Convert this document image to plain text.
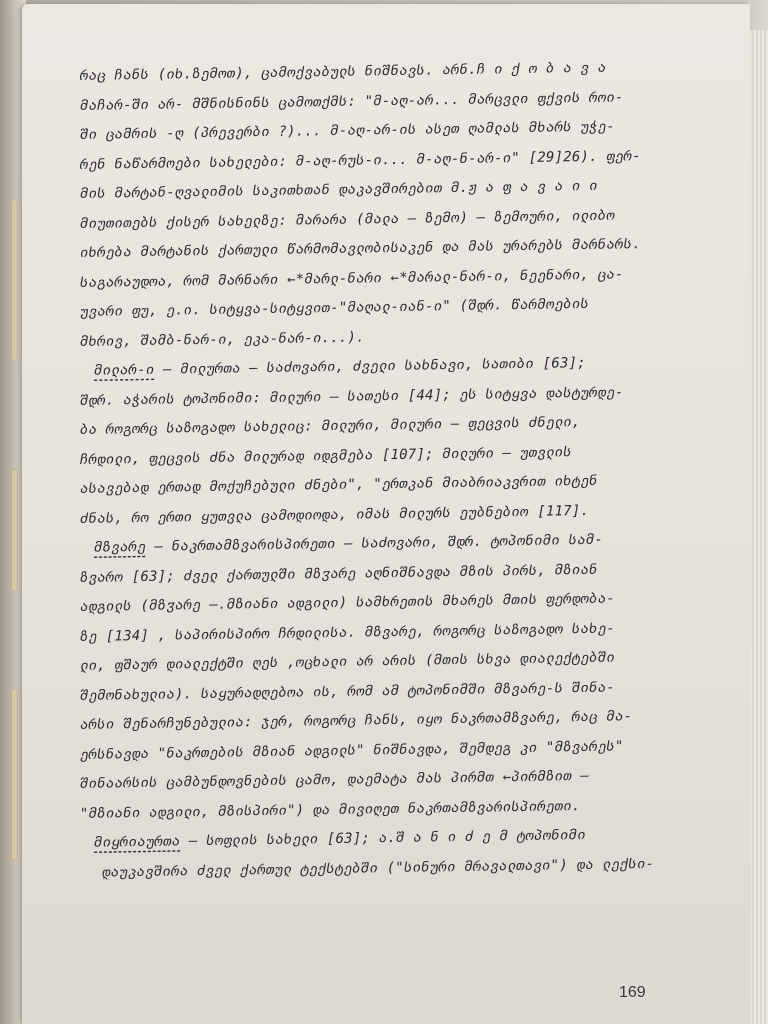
რაც ჩანს (იხ.ზემოთ), ცამოქვაბულს ნიშნავს. არნ.ჩ ი ქ ო ბ ა ვ ა
მაჩარ-ში არ- მშნისნინს ცამოთქმს: "მ-აღ-არ... მარცვლი ფქვის როი-
ში ცამრის -ღ (პრევერბი ?)... მ-აღ-არ-ის ასეთ ღამლას მხარს უჭე-
რენ ნაწარმოები სახელები: მ-აღ-რუს-ი... მ-აღ-ნ-არ-ი" [29]26). ფერ-
მის მარტან-ღვალიმის საკითხთან დაკავშირებით მ.ჟ ა ფ ა ვ ა ი ი
მიუთითებს ქისერ სახელზე: მარარა (მალა — ზემო) — ზემოური, ილიბო
იხრება მარტანის ქართული წარმომავლობისაკენ და მას ურარებს მარნარს.
საგარაუდოა, რომ მარნარი ←*მარლ-ნარი ←*მარალ-ნარ-ი, ნეენარი, ცა-
უვარი ფუ, ე.ი. სიტყვა-სიტყვით-"მაღალ-იან-ი" (შდრ. წარმოების
მხრივ, შამბ-ნარ-ი, ეკა-ნარ-ი...).
მილარ-ი — მილურთა — საძოვარი, ძველი სახნავი, სათიბი [63];
შდრ. აჭარის ტოპონიმი: მილური — სათესი [44]; ეს სიტყვა დასტურდე-
ბა როგორც საზოგადო სახელიც: მილური, მილური — ფეცვის ძნელი,
ჩრდილი, ფეცვის ძნა მილურად იდგმება [107]; მილური — უთვლის
ასავებად ერთად მოქუჩებული ძნები", "ერთკან მიაბრიაკვრით იხტენ
ძნას, რო ერთი ყუთვლა ცამოდიოდა, იმას მილურს ეუბნებიო [117].
მზვარე — ნაკრთამზვარისპირეთი — საძოვარი, შდრ. ტოპონიმი სამ-
ზვარო [63]; ძველ ქართულში მზჳარე აღნიშნავდა მზის პირს, მზიან
ადგილს (მზჳარე —.მზიანი ადგილი) სამხრეთის მხარეს მთის ფერდობა-
ზე [134] , საპირისპირო ჩრდილისა. მზვარე, როგორც საზოგადო სახე-
ლი, ფშაურ დიალექტში ღეს ,ოცხალი არ არის (მთის სხვა დიალექტებში
შემონახულია). საყურადღებოა ის, რომ ამ ტოპონიმში მზვარე-ს შინა-
არსი შენარჩუნებულია: ჯერ, როგორც ჩანს, იყო ნაკრთამზვარე, რაც მა-
ერსნავდა "ნაკრთების მზიან ადგილს" ნიშნავდა, შემდეგ კი "მზვარეს"
შინაარსის ცამბუნდოვნების ცამო, დაემატა მას პირმთ ←პირმზით —
"მზიანი ადგილი, მზისპირი") და მივიღეთ ნაკრთამზვარისპირეთი.
მიყრიაურთა — სოფლის სახელი [63]; ა.შ ა ნ ი ძ ე მ ტოპონიმი
დაუკავშირა ძველ ქართულ ტექსტებში ("სინური მრავალთავი") და ლექსი-
169
